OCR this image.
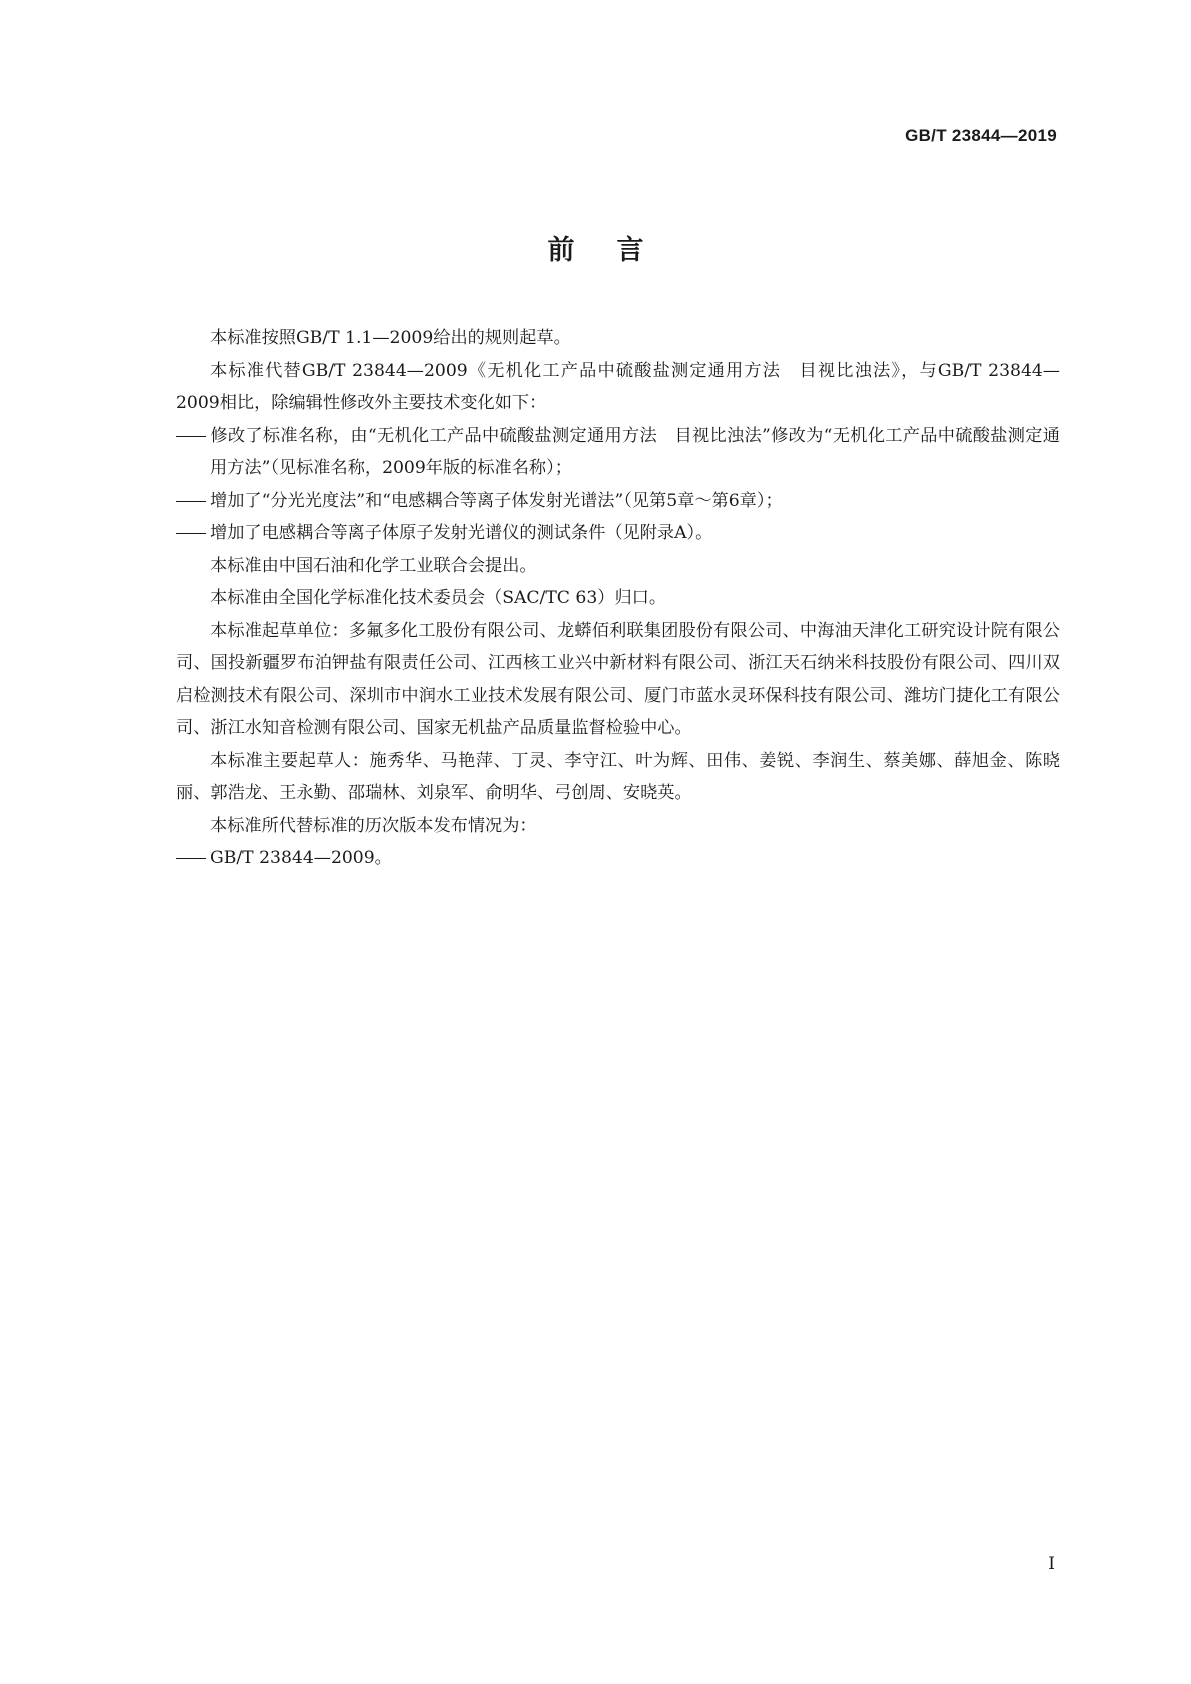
GB/T 23844—2019
前言

本标准按照GB/T 1.1—2009给出的规则起草。

本标准代替GB/T 23844—2009《无机化工产品中硫酸盐测定通用方法　目视比浊法》，与GB/T 23844—2009相比，除编辑性修改外主要技术变化如下：

修改了标准名称，由“无机化工产品中硫酸盐测定通用方法　目视比浊法”修改为“无机化工产品中硫酸盐测定通用方法”（见标准名称，2009年版的标准名称）；

增加了“分光光度法”和“电感耦合等离子体发射光谱法”（见第5章～第6章）；

增加了电感耦合等离子体原子发射光谱仪的测试条件（见附录A）。

本标准由中国石油和化学工业联合会提出。

本标准由全国化学标准化技术委员会（SAC/TC 63）归口。

本标准起草单位：多氟多化工股份有限公司、龙蟒佰利联集团股份有限公司、中海油天津化工研究设计院有限公司、国投新疆罗布泊钾盐有限责任公司、江西核工业兴中新材料有限公司、浙江天石纳米科技股份有限公司、四川双启检测技术有限公司、深圳市中润水工业技术发展有限公司、厦门市蓝水灵环保科技有限公司、潍坊门捷化工有限公司、浙江水知音检测有限公司、国家无机盐产品质量监督检验中心。

本标准主要起草人：施秀华、马艳萍、丁灵、李守江、叶为辉、田伟、姜锐、李润生、蔡美娜、薛旭金、陈晓丽、郭浩龙、王永勤、邵瑞林、刘泉军、俞明华、弓创周、安晓英。

本标准所代替标准的历次版本发布情况为：

GB/T 23844—2009。

I
